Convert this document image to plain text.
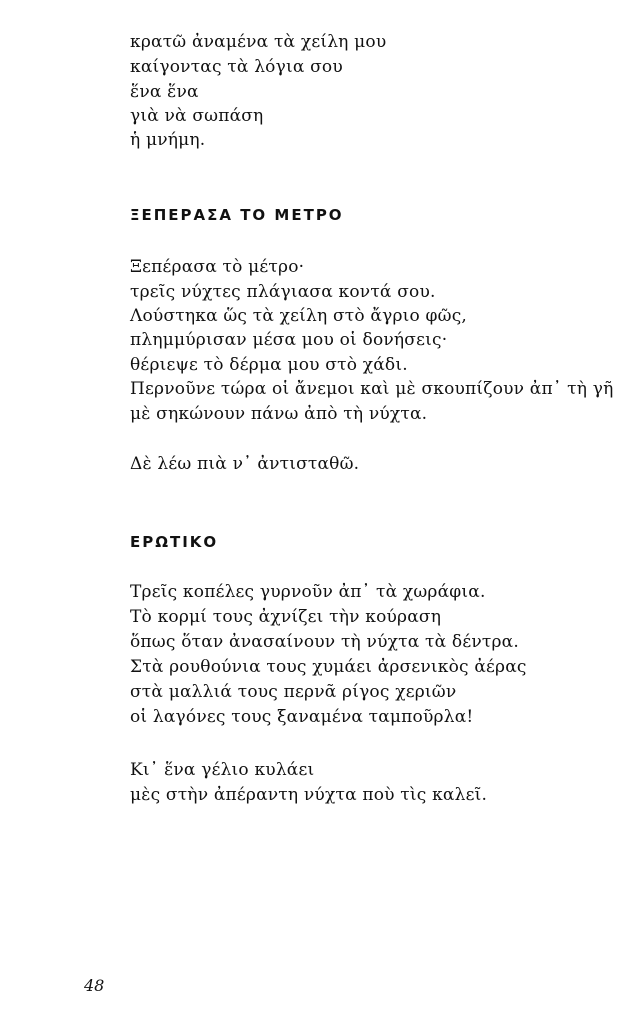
κρατῶ ἀναμένα τὰ χείλη μου
καίγοντας τὰ λόγια σου
ἕνα ἕνα
γιὰ νὰ σωπάση
ἡ μνήμη.
ΞΕΠΕΡΑΣΑ ΤΟ ΜΕΤΡΟ
Ξεπέρασα τὸ μέτρο·
τρεῖς νύχτες πλάγιασα κοντά σου.
Λούστηκα ὥς τὰ χείλη στὸ ἄγριο φῶς,
πλημμύρισαν μέσα μου οἱ δονήσεις·
θέριεψε τὸ δέρμα μου στὸ χάδι.
Περνοῦνε τώρα οἱ ἄνεμοι καὶ μὲ σκουπίζουν ἀπ᾽ τὴ γῆ
μὲ σηκώνουν πάνω ἀπὸ τὴ νύχτα.
Δὲ λέω πιὰ ν᾽ ἀντισταθῶ.
ΕΡΩΤΙΚΟ
Τρεῖς κοπέλες γυρνοῦν ἀπ᾽ τὰ χωράφια.
Τὸ κορμί τους ἀχνίζει τὴν κούραση
ὅπως ὅταν ἀνασαίνουν τὴ νύχτα τὰ δέντρα.
Στὰ ρουθούνια τους χυμάει ἀρσενικὸς ἀέρας
στὰ μαλλιά τους περνᾶ ρίγος χεριῶν
οἱ λαγόνες τους ξαναμένα ταμποῦρλα!
Κι᾽ ἕνα γέλιο κυλάει
μὲς στὴν ἀπέραντη νύχτα ποὺ τὶς καλεῖ.
48
